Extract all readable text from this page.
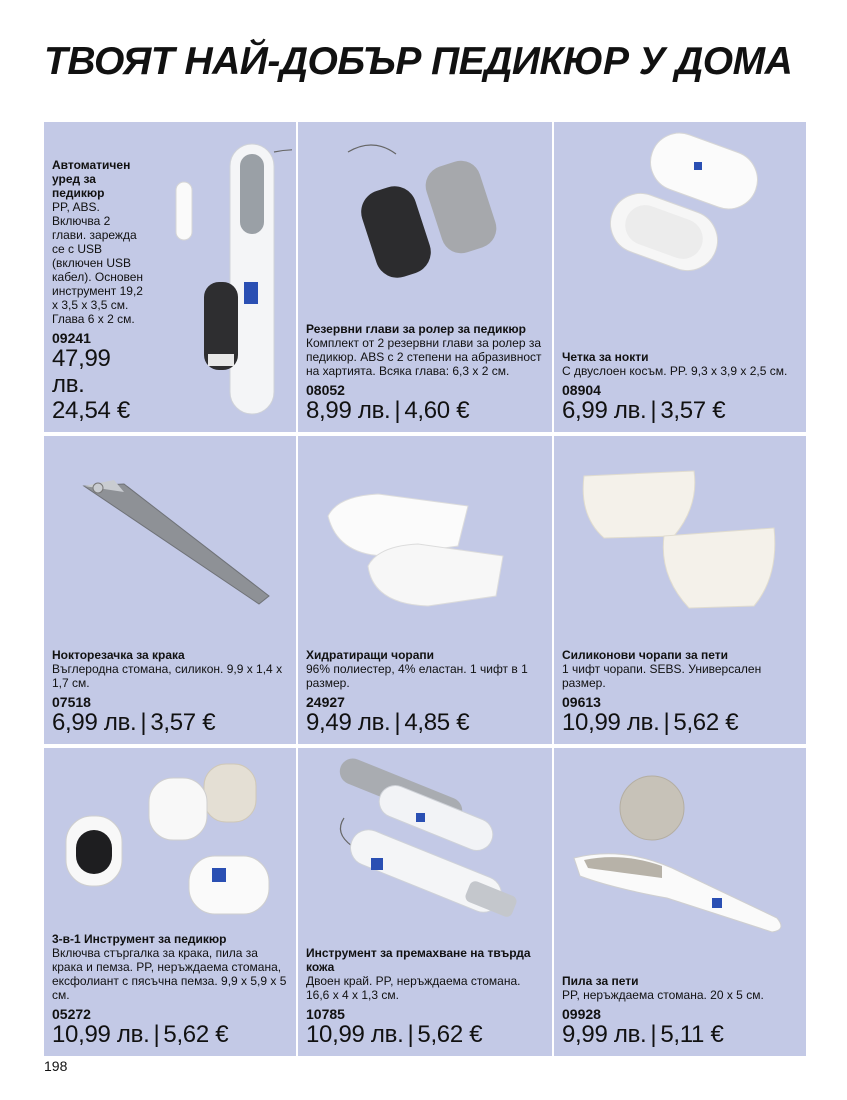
ТВОЯТ НАЙ-ДОБЪР ПЕДИКЮР У ДОМА
Автоматичен уред за педикюр
PP, ABS. Включва 2 глави. зарежда се с USB (включен USB кабел). Основен инструмент 19,2 x 3,5 x 3,5 см. Глава 6 x 2 см.
09241
47,99 лв.
24,54 €
Резервни глави за ролер за педикюр
Комплект от 2 резервни глави за ролер за педикюр. ABS с 2 степени на абразивност на хартията. Всяка глава: 6,3 x 2 см.
08052
8,99 лв. | 4,60 €
Четка за нокти
С двуслоен косъм. PP. 9,3 x 3,9 x 2,5 см.
08904
6,99 лв. | 3,57 €
Нокторезачка за крака
Въглеродна стомана, силикон. 9,9 x 1,4 x 1,7 см.
07518
6,99 лв. | 3,57 €
Хидратиращи чорапи
96% полиестер, 4% еластан. 1 чифт в 1 размер.
24927
9,49 лв. | 4,85 €
Силиконови чорапи за пети
1 чифт чорапи. SEBS. Универсален размер.
09613
10,99 лв. | 5,62 €
3-в-1 Инструмент за педикюр
Включва стъргалка за крака, пила за крака и пемза. PP, неръждаема стомана, ексфолиант с пясъчна пемза. 9,9 x 5,9 x 5 см.
05272
10,99 лв. | 5,62 €
Инструмент за премахване на твърда кожа
Двоен край. PP, неръждаема стомана. 16,6 x 4 x 1,3 см.
10785
10,99 лв. | 5,62 €
Пила за пети
PP, неръждаема стомана. 20 x 5 см.
09928
9,99 лв. | 5,11 €
198
